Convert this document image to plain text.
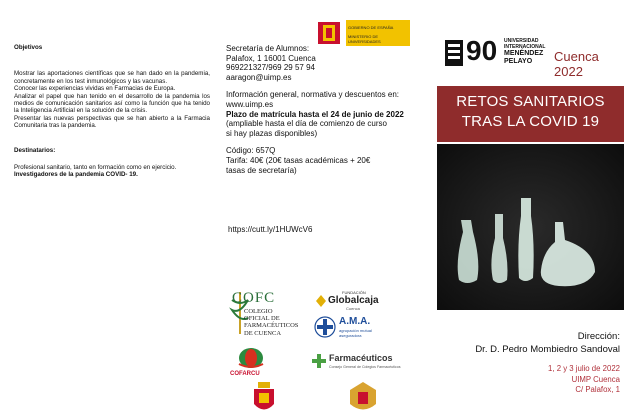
Objetivos

Mostrar las aportaciones científicas que se han dado en la pandemia, concretamente en los test inmunológicos y las vacunas.

Conocer las experiencias vividas en Farmacias de Europa.

Analizar el papel que han tenido en el desarrollo de la pandemia los medios de comunicación sanitarios así como la función que ha tenido la Inteligencia Artificial en la solución de la crisis.

Presentar las nuevas perspectivas que se han abierto a la Farmacia Comunitaria tras la pandemia.

Destinatarios:

Profesional sanitario, tanto en formación como en ejercicio.

Investigadores de la pandemia COVID- 19.

GOBIERNO DE ESPAÑA
MINISTERIO DE UNIVERSIDADES
Secretaría de Alumnos:
Palafox, 1 16001 Cuenca
969221327/969 29 57 94
aaragon@uimp.es
Información general, normativa y descuentos en:
www.uimp.es
Plazo de matrícula hasta el 24 de junio de 2022
(ampliable hasta el día de comienzo de curso
si hay plazas disponibles)
Código: 657Q
Tarifa: 40€ (20€ tasas académicas + 20€
tasas de secretaría)
https://cutt.ly/1HUWcV6
COFC
COLEGIO
OFICIAL DE
FARMACÉUTICOS
DE CUENCA
FUNDACIÓN
Globalcaja
Cuenca
A.M.A.
agrupación mutual
aseguradora
COFARCU
Farmacéuticos
Consejo General de Colegios Farmacéuticos
90 UNIVERSIDAD
INTERNACIONAL
MENÉNDEZ
PELAYO	Cuenca 2022
RETOS SANITARIOS
TRAS LA COVID 19
Dirección:
Dr. D. Pedro Mombiedro Sandoval
1, 2 y 3 julio de 2022
UIMP Cuenca
C/ Palafox, 1
